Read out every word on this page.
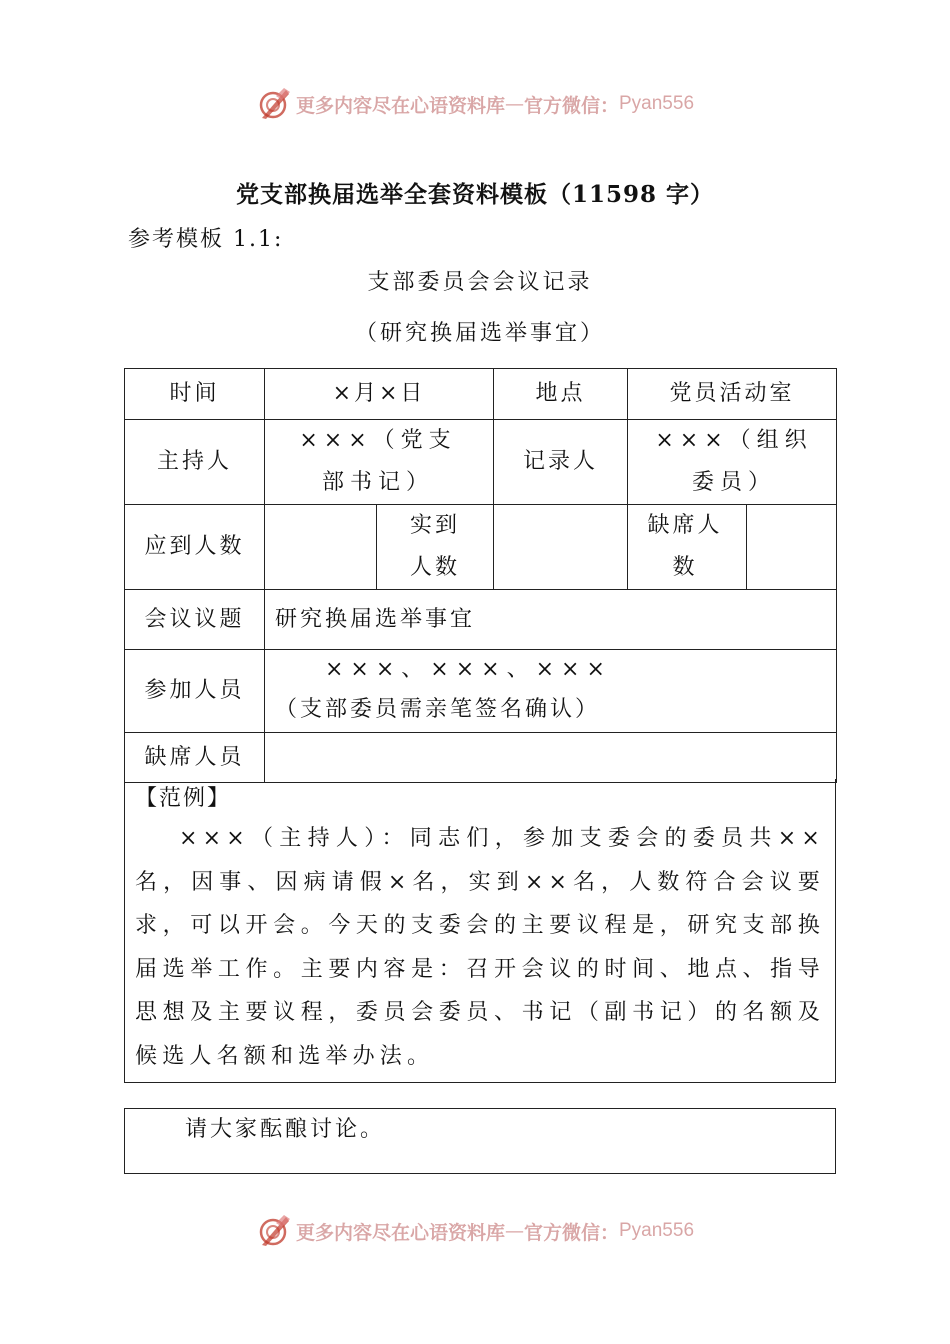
更多内容尽在心语资料库 — 官方微信： Pyan556
党支部换届选举全套资料模板（11598 字）
参考模板 1.1:
支部委员会会议记录
（研究换届选举事宜）
时间	×月×日		地点	党员活动室	
主持人	×××（党支部书记）		记录人	×××（组织委员）	
应到人数		实到人数		缺席人数	
会议议题	研究换届选举事宜				
参加人员	×××、×××、×××
（支部委员需亲笔签名确认）				

缺席人员					
【范例】
×××（主持人）：同志们，参加支委会的委员共××名，因事、因病请假×名，实到××名，人数符合会议要求，可以开会。今天的支委会的主要议程是，研究支部换届选举工作。主要内容是：召开会议的时间、地点、指导思想及主要议程，委员会委员、书记（副书记）的名额及候选人名额和选举办法。
请大家酝酿讨论。
更多内容尽在心语资料库 — 官方微信： Pyan556
